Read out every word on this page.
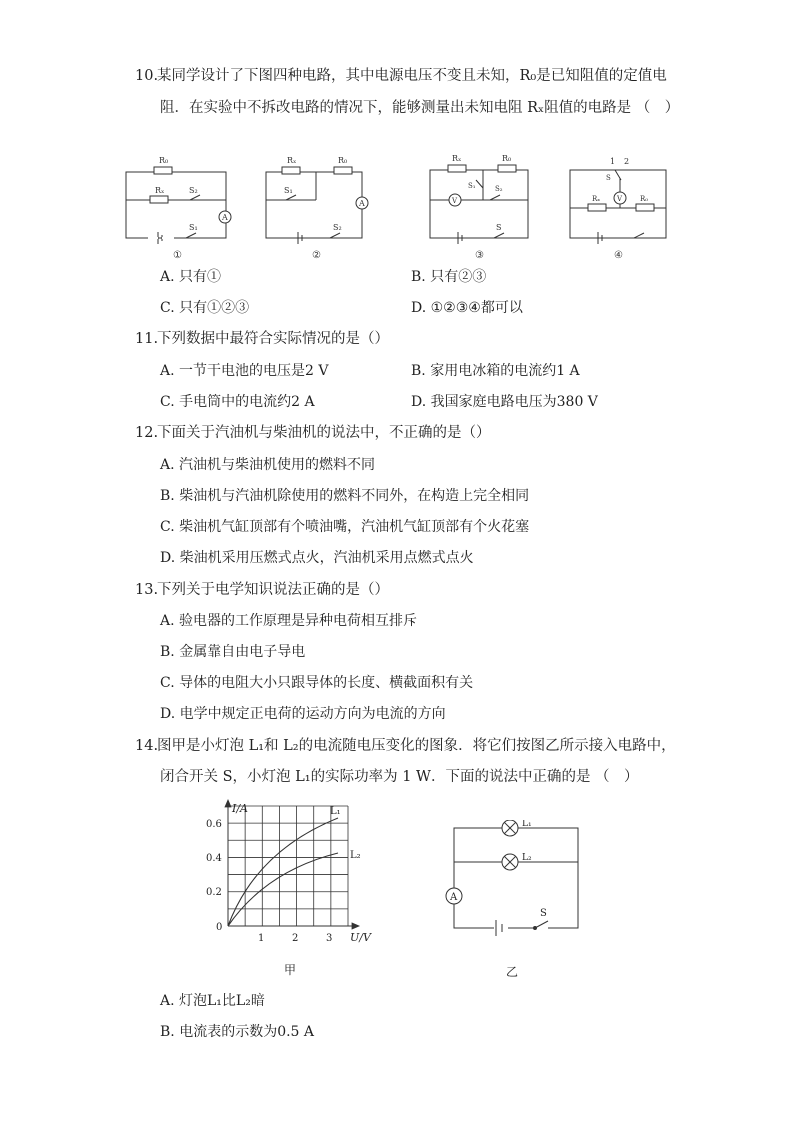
10.某同学设计了下图四种电路，其中电源电压不变且未知，R₀是已知阻值的定值电
阻．在实验中不拆改电路的情况下，能够测量出未知电阻 Rₓ阻值的电路是 （　）
R₀
Rₓ	S₂
A
S₁
①
Rₓ	R₀
S₁
A
S₂
②
Rₓ	R₀
V
S₁	S₂
S
③
1 2
S
V
Rₓ	R₀
④
A. 只有①	B. 只有②③
C. 只有①②③	D. ①②③④都可以
11.下列数据中最符合实际情况的是（）
A. 一节干电池的电压是2 V	B. 家用电冰箱的电流约1 A
C. 手电筒中的电流约2 A	D. 我国家庭电路电压为380 V
12.下面关于汽油机与柴油机的说法中，不正确的是（）
A. 汽油机与柴油机使用的燃料不同
B. 柴油机与汽油机除使用的燃料不同外，在构造上完全相同
C. 柴油机气缸顶部有个喷油嘴，汽油机气缸顶部有个火花塞
D. 柴油机采用压燃式点火，汽油机采用点燃式点火
13.下列关于电学知识说法正确的是（）
A. 验电器的工作原理是异种电荷相互排斥
B. 金属靠自由电子导电
C. 导体的电阻大小只跟导体的长度、横截面积有关
D. 电学中规定正电荷的运动方向为电流的方向
14.图甲是小灯泡 L₁和 L₂的电流随电压变化的图象．将它们按图乙所示接入电路中，
闭合开关 S，小灯泡 L₁的实际功率为 1 W．下面的说法中正确的是 （　）
I/A
0.6
0.4
0.2
0
1	2	3 U/V
L₁
L₂
甲
L₁
L₂
A
S
乙
A. 灯泡L₁比L₂暗
B. 电流表的示数为0.5 A
